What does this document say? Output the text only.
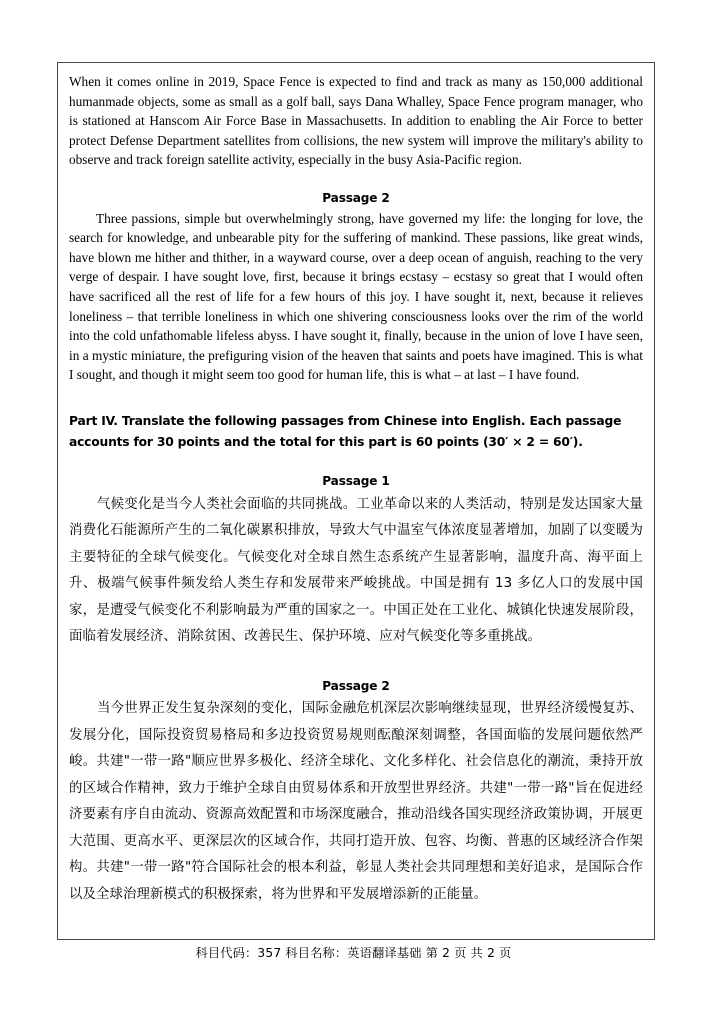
When it comes online in 2019, Space Fence is expected to find and track as many as 150,000 additional humanmade objects, some as small as a golf ball, says Dana Whalley, Space Fence program manager, who is stationed at Hanscom Air Force Base in Massachusetts. In addition to enabling the Air Force to better protect Defense Department satellites from collisions, the new system will improve the military's ability to observe and track foreign satellite activity, especially in the busy Asia-Pacific region.

Passage 2

Three passions, simple but overwhelmingly strong, have governed my life: the longing for love, the search for knowledge, and unbearable pity for the suffering of mankind. These passions, like great winds, have blown me hither and thither, in a wayward course, over a deep ocean of anguish, reaching to the very verge of despair. I have sought love, first, because it brings ecstasy – ecstasy so great that I would often have sacrificed all the rest of life for a few hours of this joy. I have sought it, next, because it relieves loneliness – that terrible loneliness in which one shivering consciousness looks over the rim of the world into the cold unfathomable lifeless abyss. I have sought it, finally, because in the union of love I have seen, in a mystic miniature, the prefiguring vision of the heaven that saints and poets have imagined. This is what I sought, and though it might seem too good for human life, this is what – at last – I have found.

Part IV. Translate the following passages from Chinese into English. Each passage accounts for 30 points and the total for this part is 60 points (30′ × 2 = 60′).

Passage 1

气候变化是当今人类社会面临的共同挑战。工业革命以来的人类活动，特别是发达国家大量消费化石能源所产生的二氧化碳累积排放，导致大气中温室气体浓度显著增加，加剧了以变暖为主要特征的全球气候变化。气候变化对全球自然生态系统产生显著影响，温度升高、海平面上升、极端气候事件频发给人类生存和发展带来严峻挑战。中国是拥有 13 多亿人口的发展中国家，是遭受气候变化不利影响最为严重的国家之一。中国正处在工业化、城镇化快速发展阶段，面临着发展经济、消除贫困、改善民生、保护环境、应对气候变化等多重挑战。

Passage 2

当今世界正发生复杂深刻的变化，国际金融危机深层次影响继续显现，世界经济缓慢复苏、发展分化，国际投资贸易格局和多边投资贸易规则酝酿深刻调整，各国面临的发展问题依然严峻。共建"一带一路"顺应世界多极化、经济全球化、文化多样化、社会信息化的潮流，秉持开放的区域合作精神，致力于维护全球自由贸易体系和开放型世界经济。共建"一带一路"旨在促进经济要素有序自由流动、资源高效配置和市场深度融合，推动沿线各国实现经济政策协调，开展更大范围、更高水平、更深层次的区域合作，共同打造开放、包容、均衡、普惠的区域经济合作架构。共建"一带一路"符合国际社会的根本利益，彰显人类社会共同理想和美好追求，是国际合作以及全球治理新模式的积极探索，将为世界和平发展增添新的正能量。

科目代码：357 科目名称：英语翻译基础 第 2 页 共 2 页
